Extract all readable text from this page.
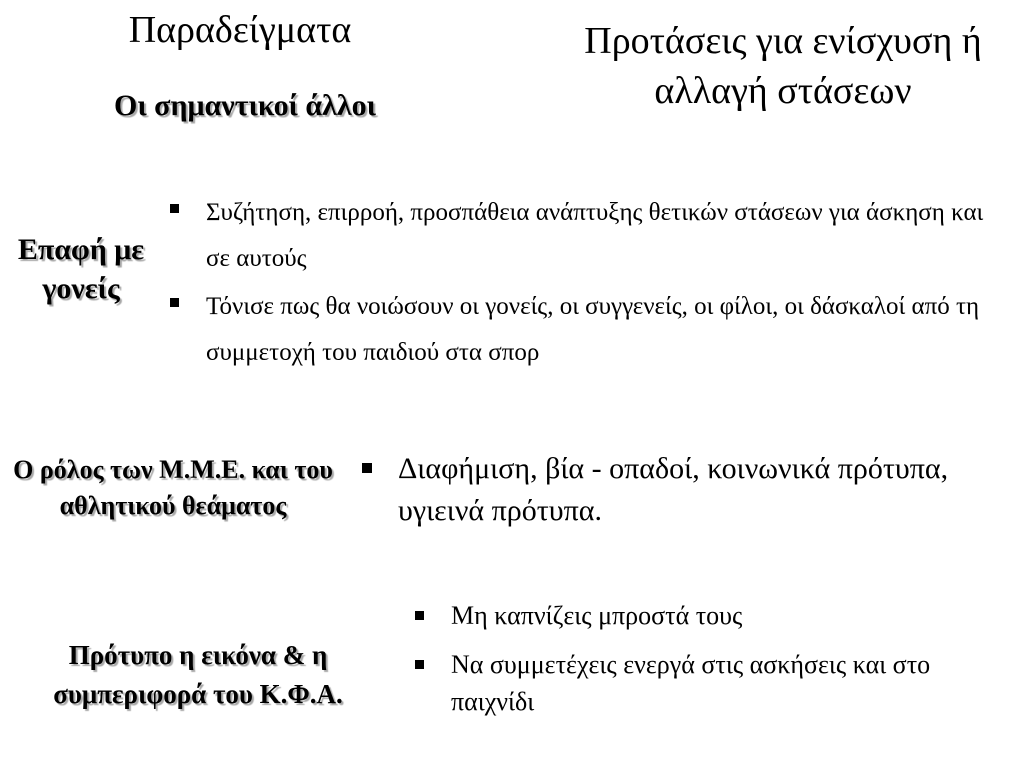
Παραδείγματα	Προτάσεις για ενίσχυση ή αλλαγή στάσεων
Οι σημαντικοί άλλοι
Επαφή με γονείς
Συζήτηση, επιρροή, προσπάθεια ανάπτυξης θετικών στάσεων για άσκηση και σε αυτούς
Τόνισε πως θα νοιώσουν οι γονείς, οι συγγενείς, οι φίλοι, οι δάσκαλοί από τη συμμετοχή του παιδιού στα σπορ
Ο ρόλος των Μ.Μ.Ε. και του αθλητικού θεάματος
Διαφήμιση, βία - οπαδοί, κοινωνικά πρότυπα, υγιεινά πρότυπα.
Πρότυπο η εικόνα & η συμπεριφορά του Κ.Φ.Α.
Μη καπνίζεις μπροστά τους
Να συμμετέχεις ενεργά στις ασκήσεις και στο παιχνίδι
